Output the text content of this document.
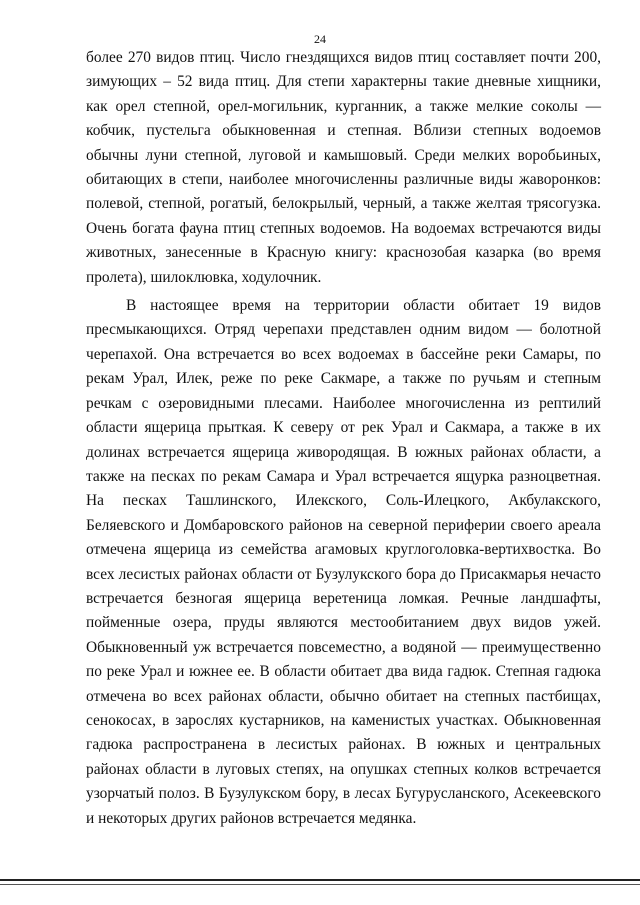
24

более 270 видов птиц. Число гнездящихся видов птиц составляет почти 200, зимующих – 52 вида птиц. Для степи характерны такие дневные хищники, как орел степной, орел-могильник, курганник, а также мелкие соколы — кобчик, пустельга обыкновенная и степная. Вблизи степных водоемов обычны луни степной, луговой и камышовый. Среди мелких воробьиных, обитающих в степи, наиболее многочисленны различные виды жаворонков: полевой, степной, рогатый, белокрылый, черный, а также желтая трясогузка. Очень богата фауна птиц степных водоемов. На водоемах встречаются виды животных, занесенные в Красную книгу: краснозобая казарка (во время пролета), шилоклювка, ходулочник.

В настоящее время на территории области обитает 19 видов пресмыкающихся. Отряд черепахи представлен одним видом — болотной черепахой. Она встречается во всех водоемах в бассейне реки Самары, по рекам Урал, Илек, реже по реке Сакмаре, а также по ручьям и степным речкам с озеровидными плесами. Наиболее многочисленна из рептилий области ящерица прыткая. К северу от рек Урал и Сакмара, а также в их долинах встречается ящерица живородящая. В южных районах области, а также на песках по рекам Самара и Урал встречается ящурка разноцветная. На песках Ташлинского, Илекского, Соль-Илецкого, Акбулакского, Беляевского и Домбаровского районов на северной периферии своего ареала отмечена ящерица из семейства агамовых круглоголовка-вертихвостка. Во всех лесистых районах области от Бузулукского бора до Присакмарья нечасто встречается безногая ящерица веретеница ломкая. Речные ландшафты, пойменные озера, пруды являются местообитанием двух видов ужей. Обыкновенный уж встречается повсеместно, а водяной — преимущественно по реке Урал и южнее ее. В области обитает два вида гадюк. Степная гадюка отмечена во всех районах области, обычно обитает на степных пастбищах, сенокосах, в зарослях кустарников, на каменистых участках. Обыкновенная гадюка распространена в лесистых районах. В южных и центральных районах области в луговых степях, на опушках степных колков встречается узорчатый полоз. В Бузулукском бору, в лесах Бугурусланского, Асекеевского и некоторых других районов встречается медянка.
